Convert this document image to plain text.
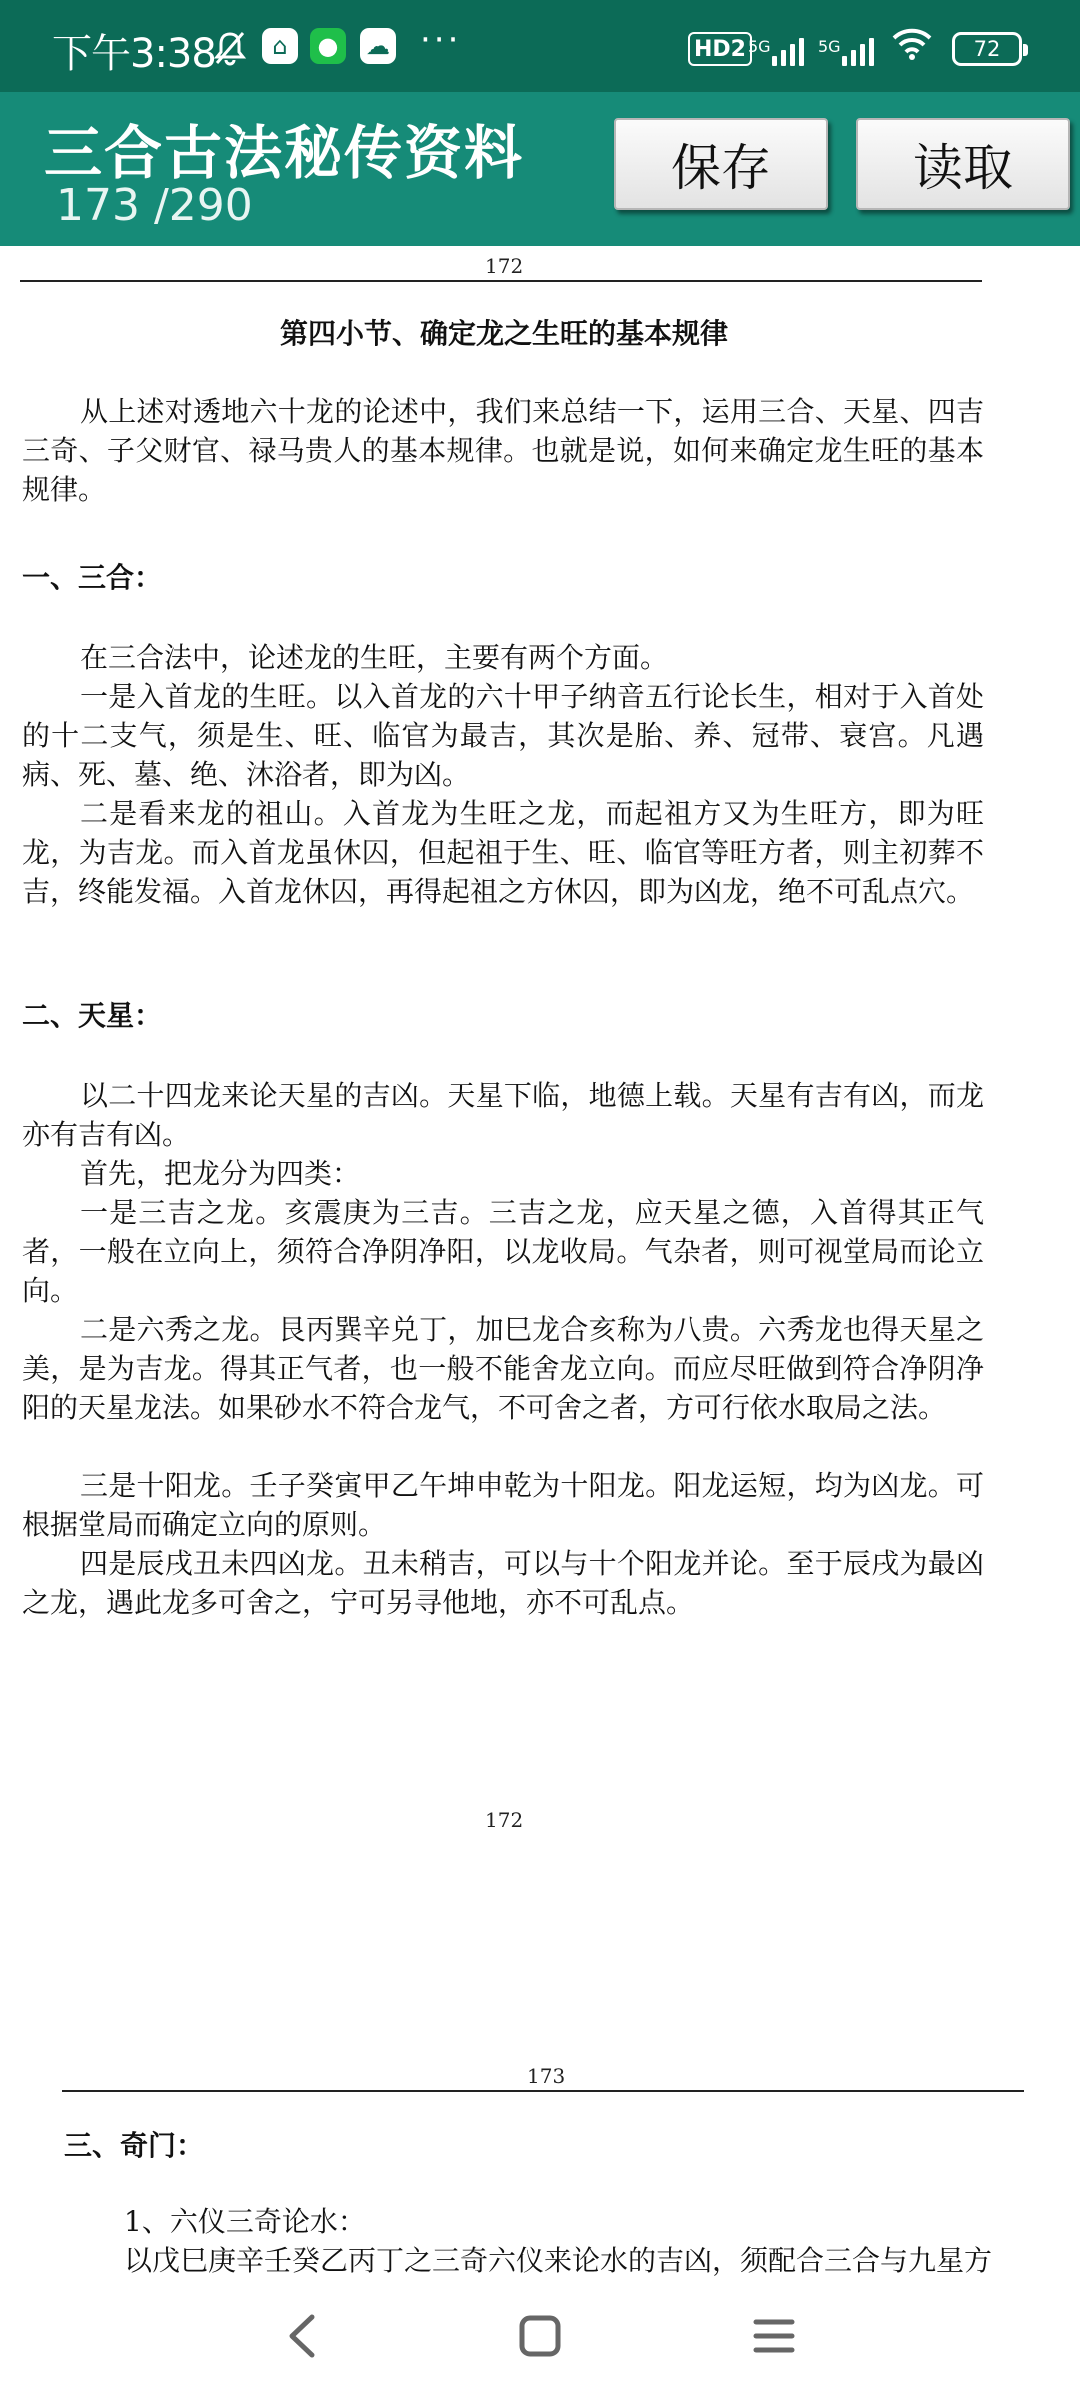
下午3:38	⌂	●	☁ ···	HD2 5G	5G	72
三合古法秘传资料
173 /290
保存	读取
172
第四小节、确定龙之生旺的基本规律
从上述对透地六十龙的论述中，我们来总结一下，运用三合、天星、四吉三奇、子父财官、禄马贵人的基本规律。也就是说，如何来确定龙生旺的基本规律。
一、三合：
在三合法中，论述龙的生旺，主要有两个方面。
一是入首龙的生旺。以入首龙的六十甲子纳音五行论长生，相对于入首处的十二支气，须是生、旺、临官为最吉，其次是胎、养、冠带、衰宫。凡遇病、死、墓、绝、沐浴者，即为凶。
二是看来龙的祖山。入首龙为生旺之龙，而起祖方又为生旺方，即为旺龙，为吉龙。而入首龙虽休囚，但起祖于生、旺、临官等旺方者，则主初葬不吉，终能发福。入首龙休囚，再得起祖之方休囚，即为凶龙，绝不可乱点穴。
二、天星：
以二十四龙来论天星的吉凶。天星下临，地德上载。天星有吉有凶，而龙亦有吉有凶。
首先，把龙分为四类：
一是三吉之龙。亥震庚为三吉。三吉之龙，应天星之德，入首得其正气者，一般在立向上，须符合净阴净阳，以龙收局。气杂者，则可视堂局而论立向。
二是六秀之龙。艮丙巽辛兑丁，加巳龙合亥称为八贵。六秀龙也得天星之美，是为吉龙。得其正气者，也一般不能舍龙立向。而应尽旺做到符合净阴净阳的天星龙法。如果砂水不符合龙气，不可舍之者，方可行依水取局之法。
三是十阳龙。壬子癸寅甲乙午坤申乾为十阳龙。阳龙运短，均为凶龙。可根据堂局而确定立向的原则。
四是辰戌丑未四凶龙。丑未稍吉，可以与十个阳龙并论。至于辰戌为最凶之龙，遇此龙多可舍之，宁可另寻他地，亦不可乱点。
172
173
三、奇门：
1、六仪三奇论水：
以戊巳庚辛壬癸乙丙丁之三奇六仪来论水的吉凶，须配合三合与九星方
